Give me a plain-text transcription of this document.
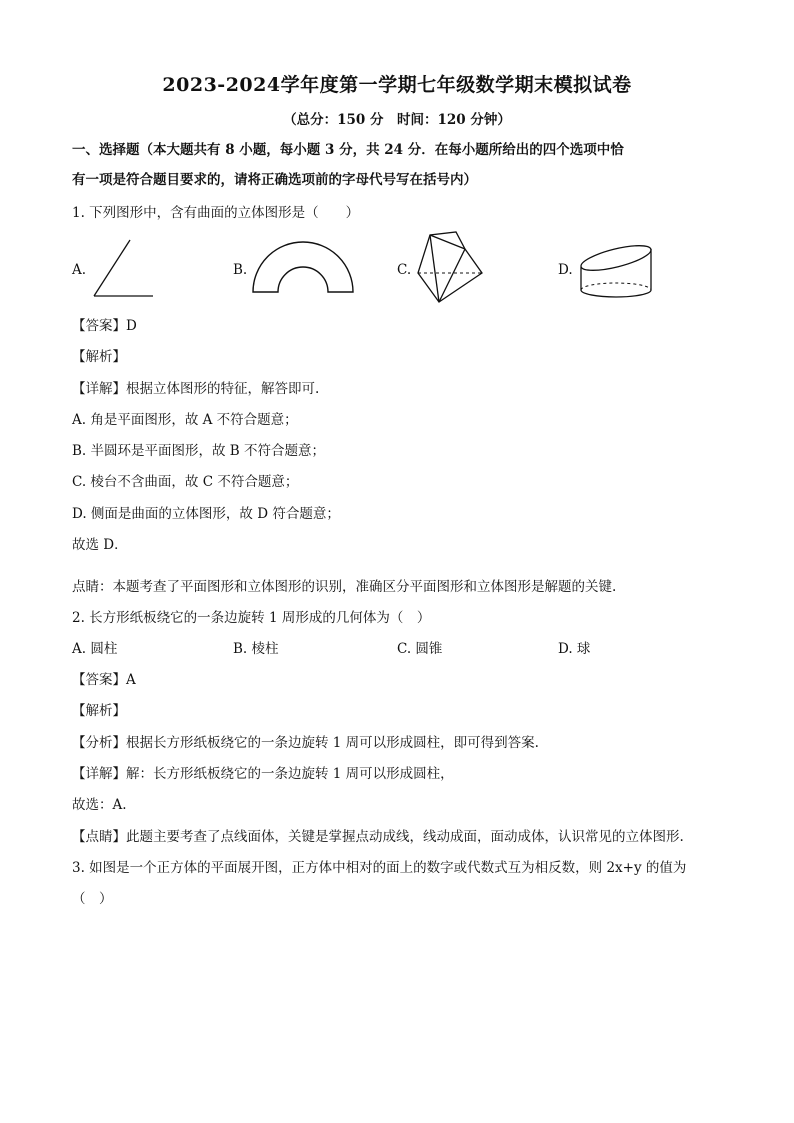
2023-2024学年度第一学期七年级数学期末模拟试卷
（总分：150 分　时间：120 分钟）
一、选择题（本大题共有 8 小题，每小题 3 分，共 24 分．在每小题所给出的四个选项中恰
有一项是符合题目要求的，请将正确选项前的字母代号写在括号内）
1. 下列图形中，含有曲面的立体图形是（　　）
A.	B.	C.	D.
【答案】D
【解析】
【详解】根据立体图形的特征，解答即可.
A. 角是平面图形，故 A 不符合题意；
B. 半圆环是平面图形，故 B 不符合题意；
C. 棱台不含曲面，故 C 不符合题意；
D. 侧面是曲面的立体图形，故 D 符合题意；
故选 D．
点睛：本题考查了平面图形和立体图形的识别，准确区分平面图形和立体图形是解题的关键.
2. 长方形纸板绕它的一条边旋转 1 周形成的几何体为（　）
A. 圆柱	B. 棱柱	C. 圆锥	D. 球
【答案】A
【解析】
【分析】根据长方形纸板绕它的一条边旋转 1 周可以形成圆柱，即可得到答案.
【详解】解：长方形纸板绕它的一条边旋转 1 周可以形成圆柱，
故选：A.
【点睛】此题主要考查了点线面体，关键是掌握点动成线，线动成面，面动成体，认识常见的立体图形.
3. 如图是一个正方体的平面展开图，正方体中相对的面上的数字或代数式互为相反数，则 2x+y 的值为
（　）
